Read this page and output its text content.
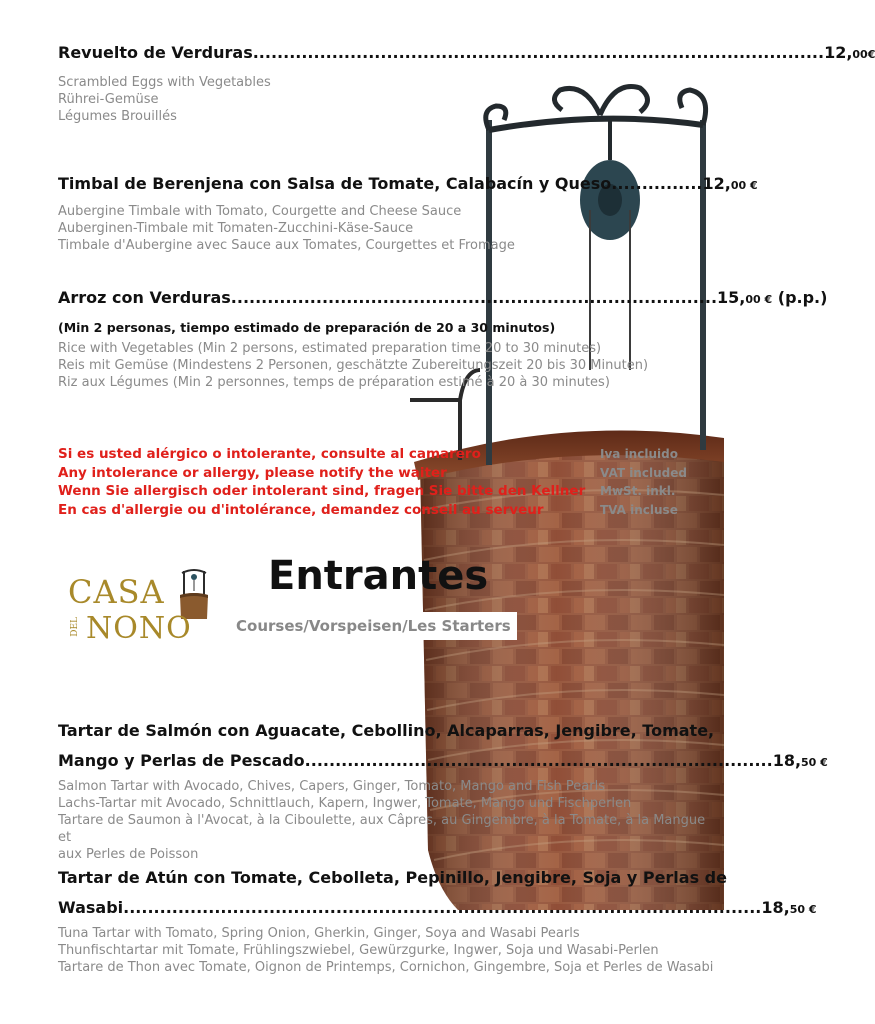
Revuelto de Verduras..............................................................................................12,00€
Scrambled Eggs with Vegetables
Rührei-Gemüse
Légumes Brouillés
Timbal de Berenjena con Salsa de Tomate, Calabacín y Queso...............12,00 €
Aubergine Timbale with Tomato, Courgette and Cheese Sauce
Auberginen-Timbale mit Tomaten-Zucchini-Käse-Sauce
Timbale d'Aubergine avec Sauce aux Tomates, Courgettes et Fromage
Arroz con Verduras................................................................................15,00 € (p.p.)
(Min 2 personas, tiempo estimado de preparación de 20 a 30 minutos)
Rice with Vegetables (Min 2 persons, estimated preparation time 20 to 30 minutes)
Reis mit Gemüse (Mindestens 2 Personen, geschätzte Zubereitungszeit 20 bis 30 Minuten)
Riz aux Légumes (Min 2 personnes, temps de préparation estimé à 20 à 30 minutes)
Si es usted alérgico o intolerante, consulte al camarero
Any intolerance or allergy, please notify the waiter
Wenn Sie allergisch oder intolerant sind, fragen Sie bitte den Kellner
En cas d'allergie ou d'intolérance, demandez conseil au serveur
Iva incluido
VAT included
MwSt. inkl.
TVA incluse
CASA
DEL NONO
Entrantes
Courses/Vorspeisen/Les Starters
Tartar de Salmón con Aguacate, Cebollino, Alcaparras, Jengibre, Tomate,
Mango y Perlas de Pescado.............................................................................18,50 €
Salmon Tartar with Avocado, Chives, Capers, Ginger, Tomato, Mango and Fish Pearls
Lachs-Tartar mit Avocado, Schnittlauch, Kapern, Ingwer, Tomate, Mango und Fischperlen
Tartare de Saumon à l'Avocat, à la Ciboulette, aux Câpres, au Gingembre, à la Tomate, à la Mangue et
aux Perles de Poisson
Tartar de Atún con Tomate, Cebolleta, Pepinillo, Jengibre, Soja y Perlas de
Wasabi.........................................................................................................18,50 €
Tuna Tartar with Tomato, Spring Onion, Gherkin, Ginger, Soya and Wasabi Pearls
Thunfischtartar mit Tomate, Frühlingszwiebel, Gewürzgurke, Ingwer, Soja und Wasabi-Perlen
Tartare de Thon avec Tomate, Oignon de Printemps, Cornichon, Gingembre, Soja et Perles de Wasabi
